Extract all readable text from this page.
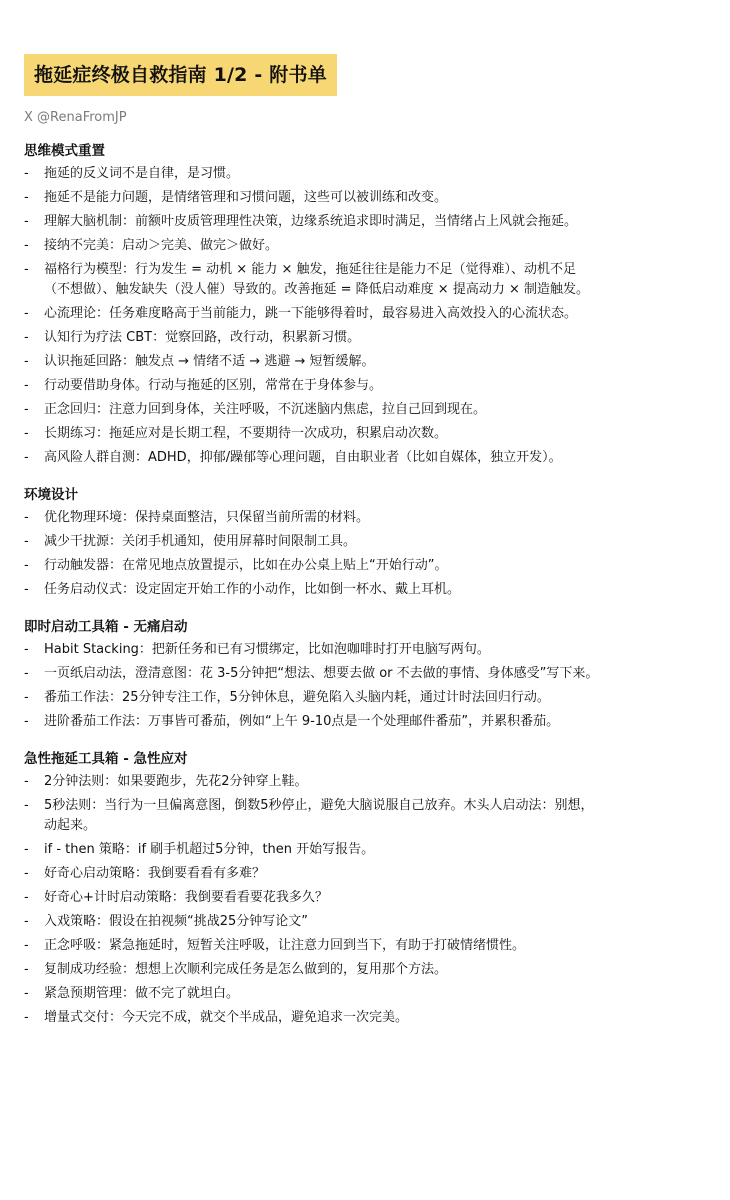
拖延症终极自救指南 1/2 - 附书单
X @RenaFromJP
思维模式重置
-	拖延的反义词不是自律，是习惯。
-	拖延不是能力问题，是情绪管理和习惯问题，这些可以被训练和改变。
-	理解大脑机制：前额叶皮质管理理性决策，边缘系统追求即时满足，当情绪占上风就会拖延。
-	接纳不完美：启动＞完美、做完＞做好。
-	福格行为模型：行为发生 = 动机 × 能力 × 触发，拖延往往是能力不足（觉得难）、动机不足
（不想做）、触发缺失（没人催）导致的。改善拖延 = 降低启动难度 × 提高动力 × 制造触发。
-	心流理论：任务难度略高于当前能力，跳一下能够得着时，最容易进入高效投入的心流状态。
-	认知行为疗法 CBT：觉察回路，改行动，积累新习惯。
-	认识拖延回路：触发点 → 情绪不适 → 逃避 → 短暂缓解。
-	行动要借助身体。行动与拖延的区别，常常在于身体参与。
-	正念回归：注意力回到身体，关注呼吸，不沉迷脑内焦虑，拉自己回到现在。
-	长期练习：拖延应对是长期工程，不要期待一次成功，积累启动次数。
-	高风险人群自测：ADHD，抑郁/躁郁等心理问题，自由职业者（比如自媒体，独立开发）。
环境设计
-	优化物理环境：保持桌面整洁，只保留当前所需的材料。
-	减少干扰源：关闭手机通知，使用屏幕时间限制工具。
-	行动触发器：在常见地点放置提示，比如在办公桌上贴上“开始行动”。
-	任务启动仪式：设定固定开始工作的小动作，比如倒一杯水、戴上耳机。
即时启动工具箱 - 无痛启动
-	Habit Stacking：把新任务和已有习惯绑定，比如泡咖啡时打开电脑写两句。
-	一页纸启动法，澄清意图：花 3-5分钟把“想法、想要去做 or 不去做的事情、身体感受”写下来。
-	番茄工作法：25分钟专注工作，5分钟休息，避免陷入头脑内耗，通过计时法回归行动。
-	进阶番茄工作法：万事皆可番茄，例如“上午 9-10点是一个处理邮件番茄”，并累积番茄。
急性拖延工具箱 - 急性应对
-	2分钟法则：如果要跑步，先花2分钟穿上鞋。
-	5秒法则：当行为一旦偏离意图，倒数5秒停止，避免大脑说服自己放弃。木头人启动法：别想，
动起来。
-	if - then 策略：if 刷手机超过5分钟，then 开始写报告。
-	好奇心启动策略：我倒要看看有多难？
-	好奇心+计时启动策略：我倒要看看要花我多久？
-	入戏策略：假设在拍视频“挑战25分钟写论文”
-	正念呼吸：紧急拖延时，短暂关注呼吸，让注意力回到当下，有助于打破情绪惯性。
-	复制成功经验：想想上次顺利完成任务是怎么做到的，复用那个方法。
-	紧急预期管理：做不完了就坦白。
-	增量式交付：今天完不成，就交个半成品，避免追求一次完美。
